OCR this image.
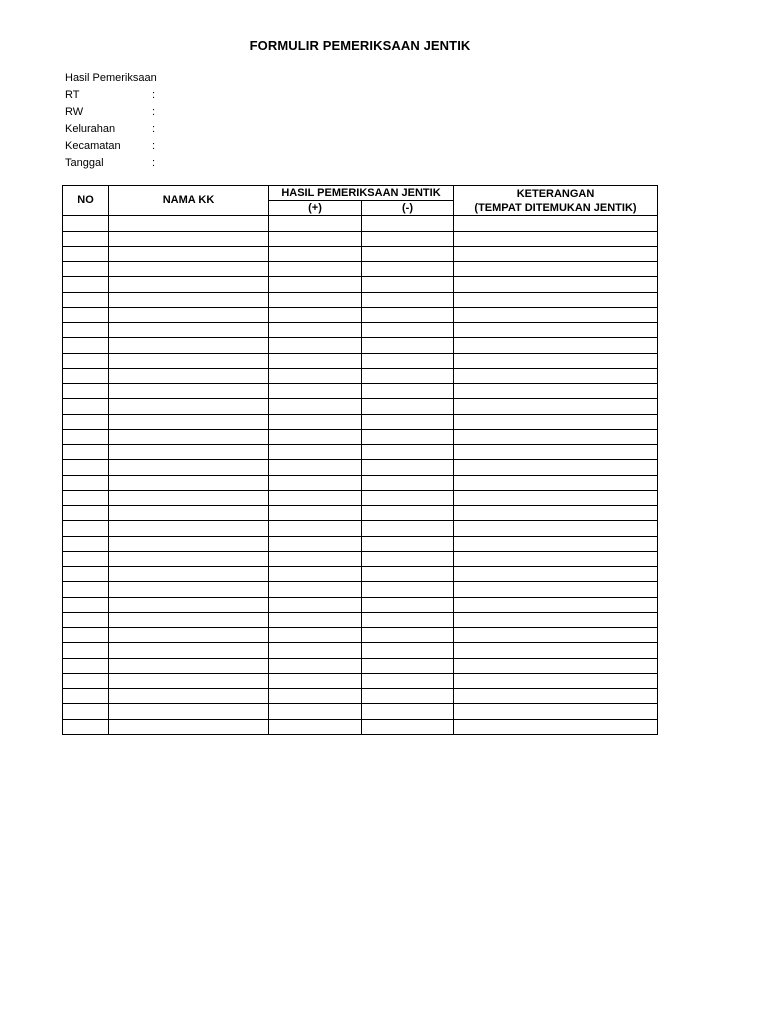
FORMULIR PEMERIKSAAN JENTIK
Hasil Pemeriksaan
RT	:
RW	:
Kelurahan	:
Kecamatan	:
Tanggal	:
NO	NAMA KK	HASIL PEMERIKSAAN JENTIK		KETERANGAN
(TEMPAT DITEMUKAN JENTIK)

		(+)	(-)	
